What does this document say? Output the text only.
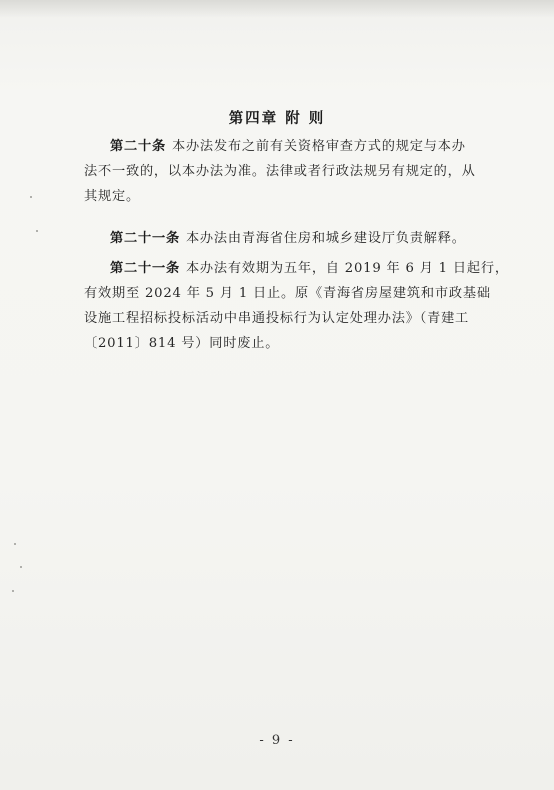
第四章 附 则
第二十条 本办法发布之前有关资格审查方式的规定与本办
法不一致的，以本办法为准。法律或者行政法规另有规定的，从
其规定。
第二十一条 本办法由青海省住房和城乡建设厅负责解释。
第二十一条 本办法有效期为五年，自 2019 年 6 月 1 日起行，
有效期至 2024 年 5 月 1 日止。原《青海省房屋建筑和市政基础
设施工程招标投标活动中串通投标行为认定处理办法》（青建工
〔2011〕814 号）同时废止。
- 9 -
